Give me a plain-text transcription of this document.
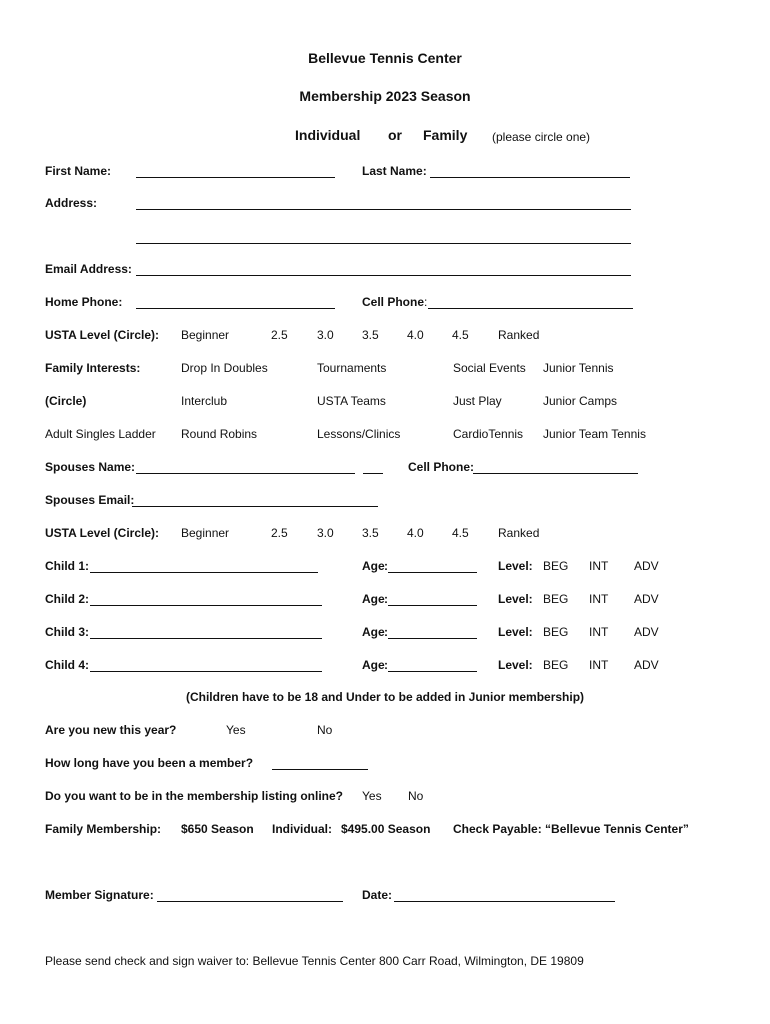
Bellevue Tennis Center
Membership 2023 Season
Individual or Family (please circle one)
First Name:	Last Name:
Address:
Email Address:
Home Phone:	Cell Phone:
USTA Level (Circle): Beginner	2.5 3.0 3.5 4.0 4.5 Ranked
Family Interests:	Drop In Doubles	Tournaments	Social Events Junior Tennis
(Circle)	Interclub	USTA Teams	Just Play	Junior Camps
Adult Singles Ladder Round Robins	Lessons/Clinics	CardioTennis Junior Team Tennis
Spouses Name:	Cell Phone:
Spouses Email:
USTA Level (Circle): Beginner	2.5 3.0 3.5 4.0 4.5 Ranked
Child 1:	Age :	Level: BEG INT ADV
Child 2:	Age :	Level: BEG INT ADV
Child 3:	Age :	Level: BEG INT ADV
Child 4:	Age :	Level: BEG INT ADV
(Children have to be 18 and Under to be added in Junior membership)
Are you new this year?	Yes	No
How long have you been a member?
Do you want to be in the membership listing online? Yes No
Family Membership: $650 Season Individual: $495.00 Season Check Payable: “Bellevue Tennis Center”
Member Signature:	Date:
Please send check and sign waiver to: Bellevue Tennis Center 800 Carr Road, Wilmington, DE 19809
